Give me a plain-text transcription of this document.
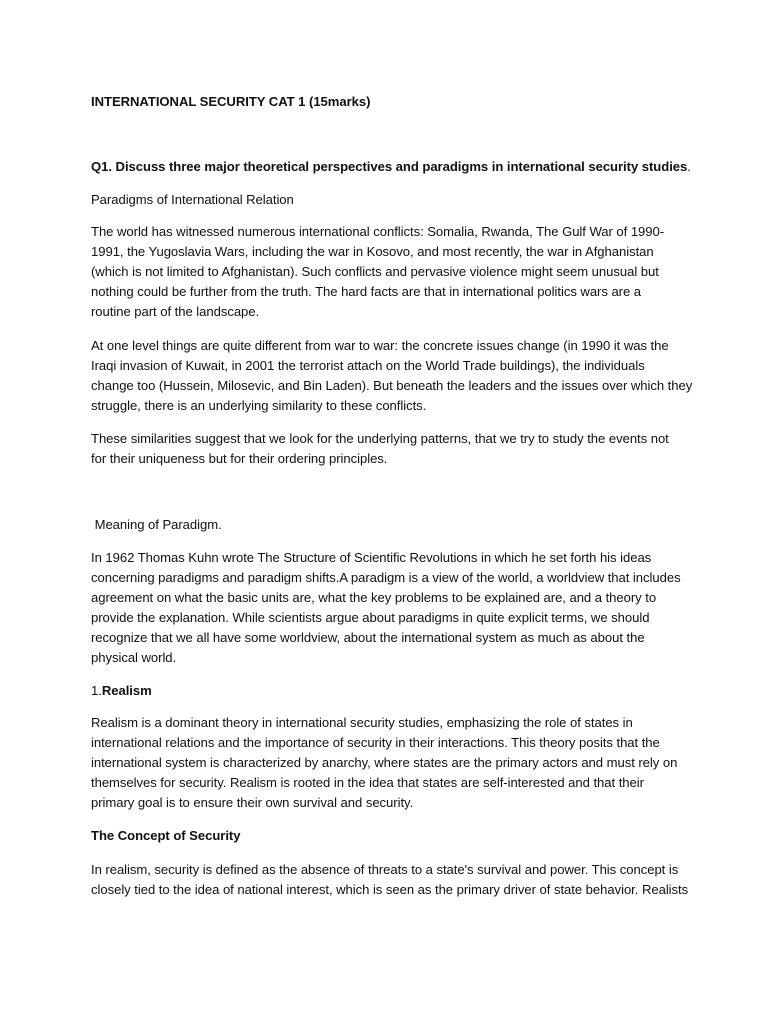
INTERNATIONAL SECURITY CAT 1 (15marks)
Q1. Discuss three major theoretical perspectives and paradigms in international security studies.
Paradigms of International Relation
The world has witnessed numerous international conflicts: Somalia, Rwanda, The Gulf War of 1990-
1991, the Yugoslavia Wars, including the war in Kosovo, and most recently, the war in Afghanistan
(which is not limited to Afghanistan). Such conflicts and pervasive violence might seem unusual but
nothing could be further from the truth. The hard facts are that in international politics wars are a
routine part of the landscape.
At one level things are quite different from war to war: the concrete issues change (in 1990 it was the
Iraqi invasion of Kuwait, in 2001 the terrorist attach on the World Trade buildings), the individuals
change too (Hussein, Milosevic, and Bin Laden). But beneath the leaders and the issues over which they
struggle, there is an underlying similarity to these conflicts.
These similarities suggest that we look for the underlying patterns, that we try to study the events not
for their uniqueness but for their ordering principles.
Meaning of Paradigm.
In 1962 Thomas Kuhn wrote The Structure of Scientific Revolutions in which he set forth his ideas
concerning paradigms and paradigm shifts.A paradigm is a view of the world, a worldview that includes
agreement on what the basic units are, what the key problems to be explained are, and a theory to
provide the explanation. While scientists argue about paradigms in quite explicit terms, we should
recognize that we all have some worldview, about the international system as much as about the
physical world.
1.Realism
Realism is a dominant theory in international security studies, emphasizing the role of states in
international relations and the importance of security in their interactions. This theory posits that the
international system is characterized by anarchy, where states are the primary actors and must rely on
themselves for security. Realism is rooted in the idea that states are self-interested and that their
primary goal is to ensure their own survival and security.
The Concept of Security
In realism, security is defined as the absence of threats to a state's survival and power. This concept is
closely tied to the idea of national interest, which is seen as the primary driver of state behavior. Realists
